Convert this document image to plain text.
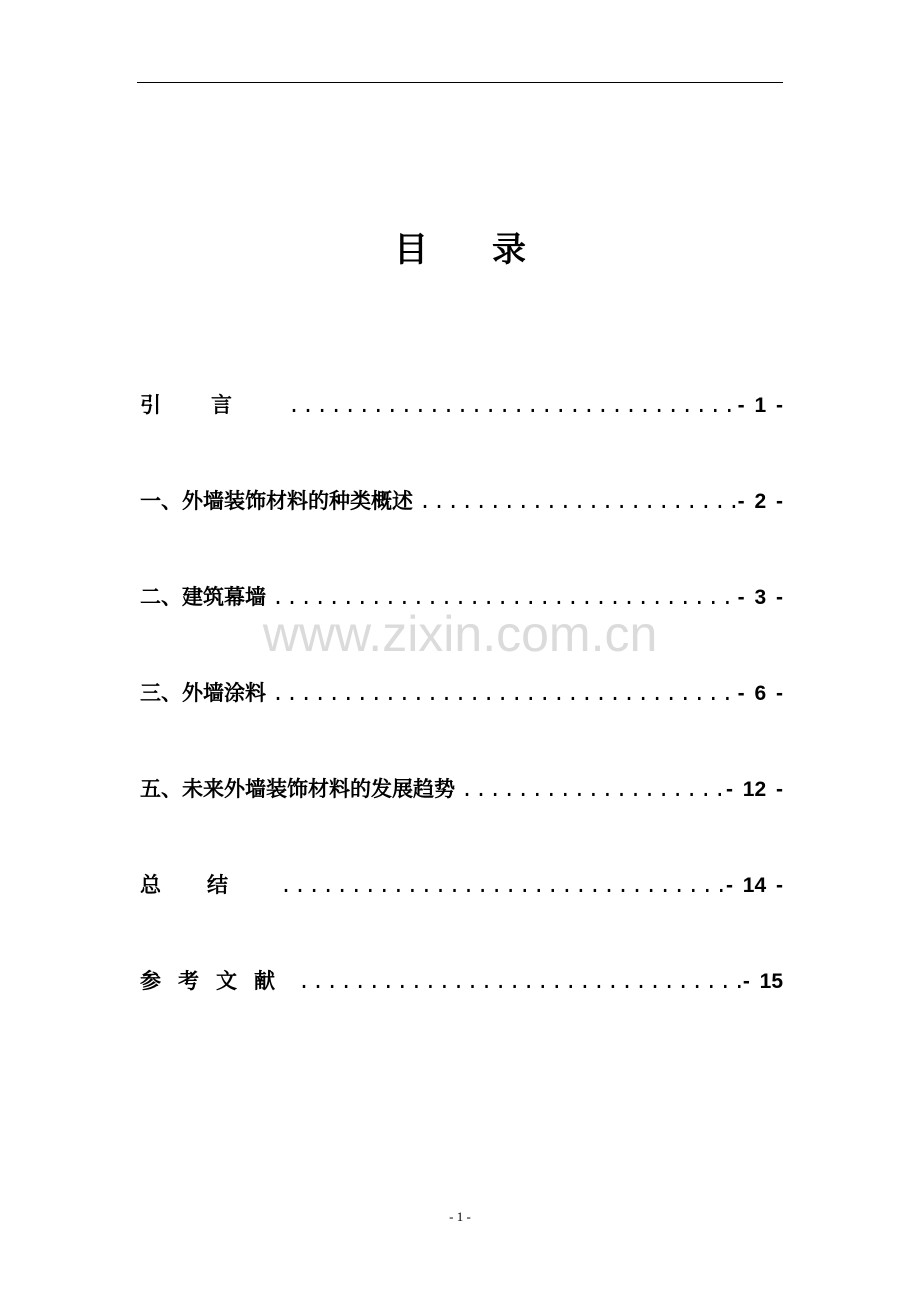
目录
引言 .....	- 1 -
一、外墙装饰材料的种类概述 .....	- 2 -
二、建筑幕墙 .....	- 3 -
三、外墙涂料 .....	- 6 -
五、未来外墙装饰材料的发展趋势 .....	- 12 -
总结 .....	- 14 -
参考文献 .....	- 15
www.zixin.com.cn
- 1 -
